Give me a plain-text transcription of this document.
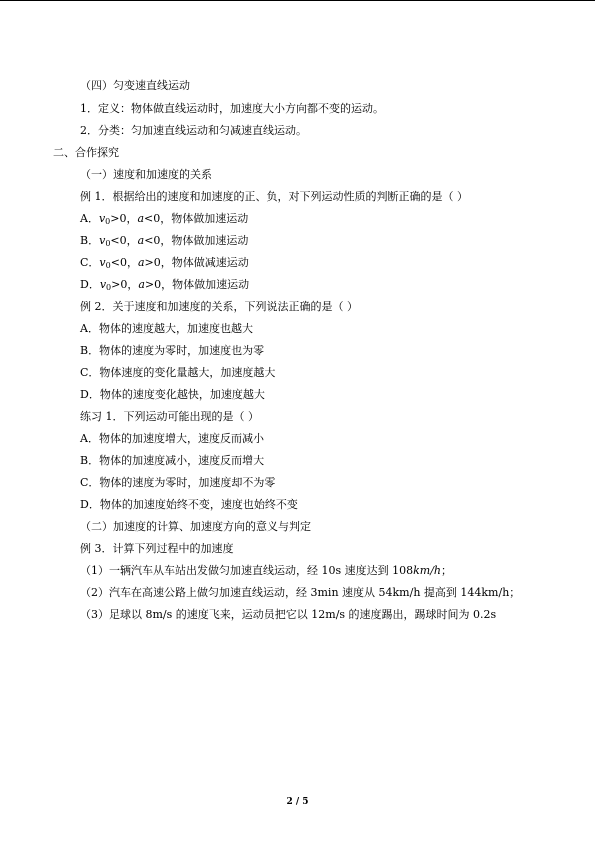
（四）匀变速直线运动
1．定义：物体做直线运动时，加速度大小方向都不变的运动。
2．分类：匀加速直线运动和匀减速直线运动。
二、合作探究
（一）速度和加速度的关系
例 1．根据给出的速度和加速度的正、负，对下列运动性质的判断正确的是（ ）
A．$v_0>0$，a<0，物体做加速运动
B．$v_0<0$，a<0，物体做加速运动
C．$v_0<0$，a>0，物体做减速运动
D．$v_0>0$，a>0，物体做加速运动
例 2．关于速度和加速度的关系，下列说法正确的是（ ）
A．物体的速度越大，加速度也越大
B．物体的速度为零时，加速度也为零
C．物体速度的变化量越大，加速度越大
D．物体的速度变化越快，加速度越大
练习 1．下列运动可能出现的是（ ）
A．物体的加速度增大，速度反而减小
B．物体的加速度减小，速度反而增大
C．物体的速度为零时，加速度却不为零
D．物体的加速度始终不变，速度也始终不变
（二）加速度的计算、加速度方向的意义与判定
例 3．计算下列过程中的加速度
（1）一辆汽车从车站出发做匀加速直线运动，经 10s 速度达到 108km/h；
（2）汽车在高速公路上做匀加速直线运动，经 3min 速度从 54km/h 提高到 144km/h；
（3）足球以 8m/s 的速度飞来，运动员把它以 12m/s 的速度踢出，踢球时间为 0.2s
2 / 5
